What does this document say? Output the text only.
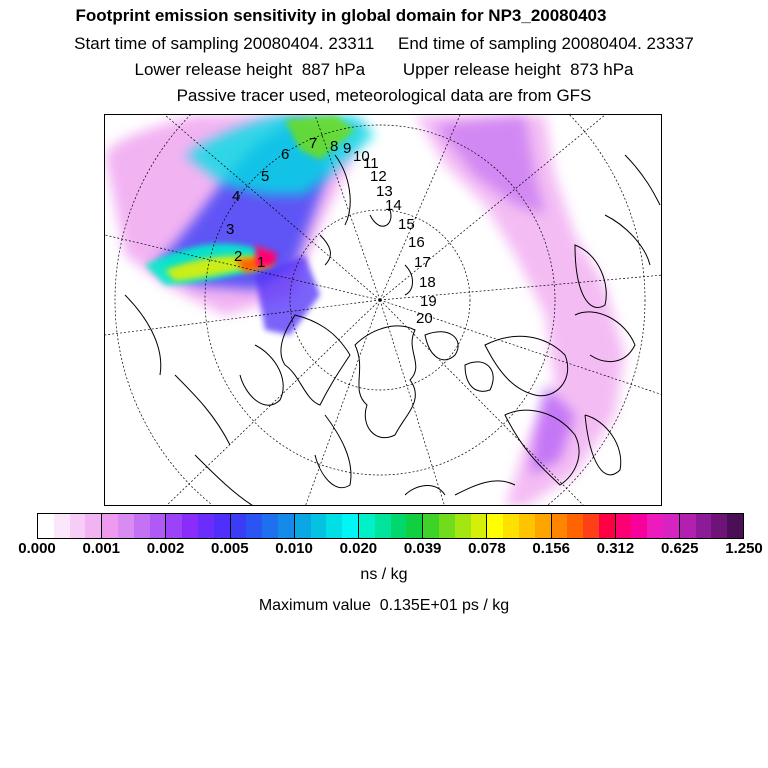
Footprint emission sensitivity in global domain for NP3_20080403
Start time of sampling 20080404. 23311     End time of sampling 20080404. 23337
Lower release height  887 hPa        Upper release height  873 hPa
Passive tracer used, meteorological data are from GFS
1
2
3
4
5
6
7 8 9 10
11
12
13
14
15
16
17
18
19
20
0.000 0.001 0.002 0.005 0.010 0.020 0.039 0.078 0.156 0.312 0.625 1.250
ns / kg
Maximum value  0.135E+01 ps / kg
